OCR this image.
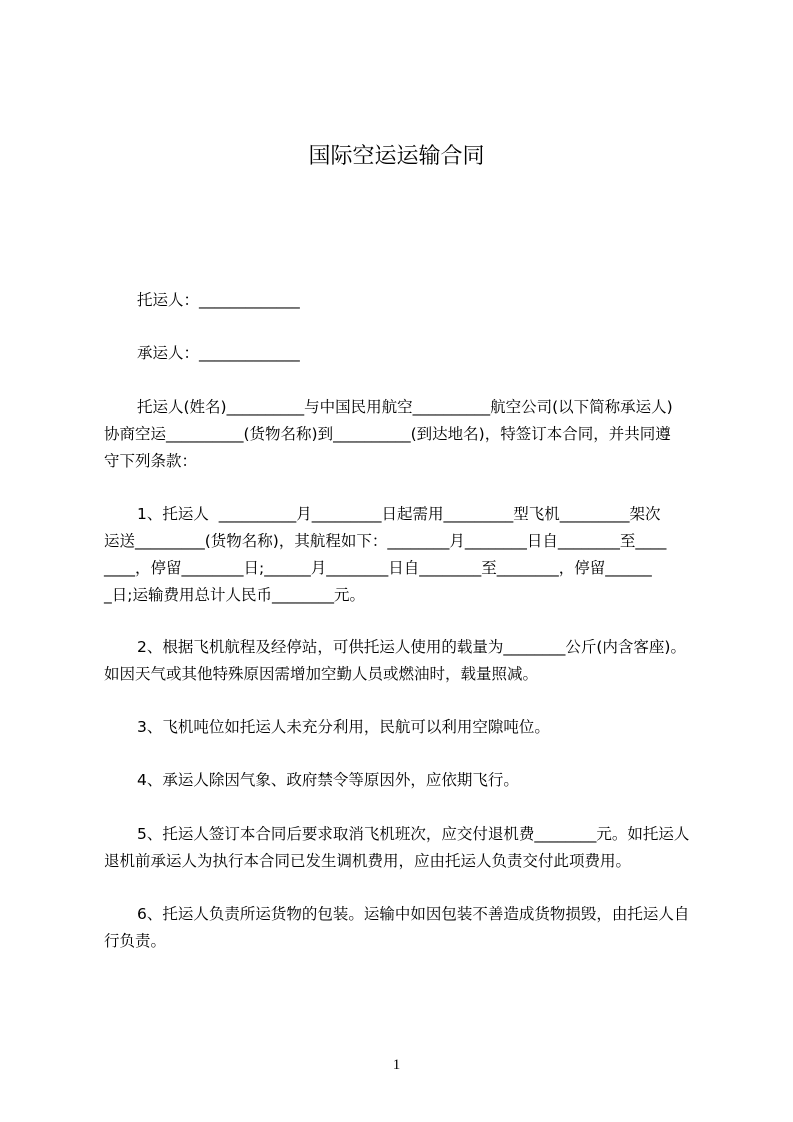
国际空运运输合同

托运人：_____________

承运人：_____________

托运人(姓名)__________与中国民用航空__________航空公司(以下简称承运人)

协商空运__________(货物名称)到__________(到达地名)，特签订本合同，并共同遵

守下列条款：

1、托运人  __________月_________日起需用_________型飞机_________架次

运送_________(货物名称)，其航程如下：________月________日自________至____

____，停留________日;______月________日自________至________，停留______

_日;运输费用总计人民币________元。

2、根据飞机航程及经停站，可供托运人使用的载量为________公斤(内含客座)。

如因天气或其他特殊原因需增加空勤人员或燃油时，载量照减。

3、飞机吨位如托运人未充分利用，民航可以利用空隙吨位。

4、承运人除因气象、政府禁令等原因外，应依期飞行。

5、托运人签订本合同后要求取消飞机班次，应交付退机费________元。如托运人

退机前承运人为执行本合同已发生调机费用，应由托运人负责交付此项费用。

6、托运人负责所运货物的包装。运输中如因包装不善造成货物损毁，由托运人自

行负责。

1
